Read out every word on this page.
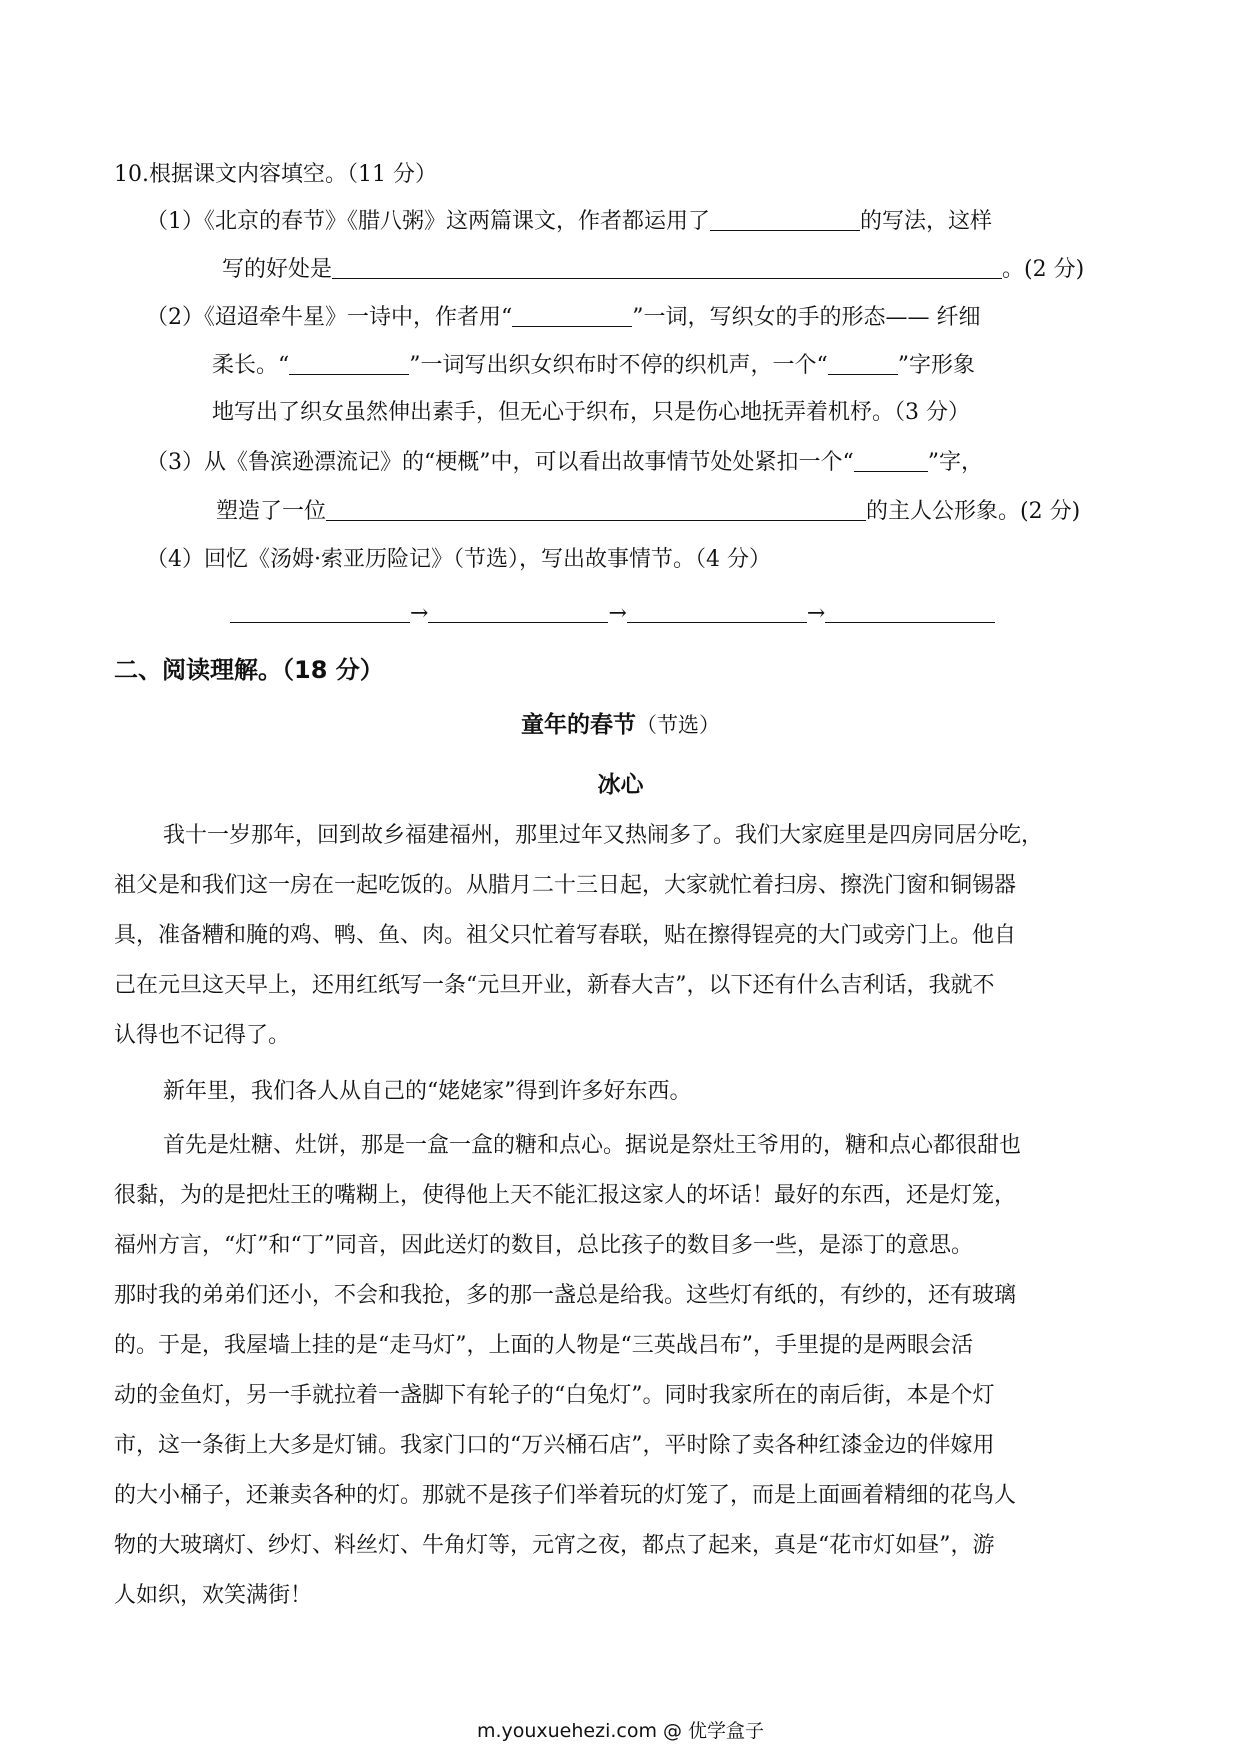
10.根据课文内容填空。（11 分）
（1）《北京的春节》《腊八粥》这两篇课文，作者都运用了	的写法，这样
写的好处是	。(2 分)
（2）《迢迢牵牛星》一诗中，作者用“	”一词，写织女的手的形态—— 纤细
柔长。“	”一词写出织女织布时不停的织机声，一个“	”字形象
地写出了织女虽然伸出素手，但无心于织布，只是伤心地抚弄着机杼。（3 分）
（3）从《鲁滨逊漂流记》的“梗概”中，可以看出故事情节处处紧扣一个“	”字，
塑造了一位	的主人公形象。(2 分)
（4）回忆《汤姆·索亚历险记》（节选），写出故事情节。（4 分）
→	→	→
二、阅读理解。（18 分）
童年的春节（节选）
冰心
我十一岁那年，回到故乡福建福州，那里过年又热闹多了。我们大家庭里是四房同居分吃，
祖父是和我们这一房在一起吃饭的。从腊月二十三日起，大家就忙着扫房、擦洗门窗和铜锡器
具，准备糟和腌的鸡、鸭、鱼、肉。祖父只忙着写春联，贴在擦得锃亮的大门或旁门上。他自
己在元旦这天早上，还用红纸写一条“元旦开业，新春大吉”，以下还有什么吉利话，我就不
认得也不记得了。
新年里，我们各人从自己的“姥姥家”得到许多好东西。
首先是灶糖、灶饼，那是一盒一盒的糖和点心。据说是祭灶王爷用的，糖和点心都很甜也
很黏，为的是把灶王的嘴糊上，使得他上天不能汇报这家人的坏话！最好的东西，还是灯笼，
福州方言，“灯”和“丁”同音，因此送灯的数目，总比孩子的数目多一些，是添丁的意思。
那时我的弟弟们还小，不会和我抢，多的那一盏总是给我。这些灯有纸的，有纱的，还有玻璃
的。于是，我屋墙上挂的是“走马灯”，上面的人物是“三英战吕布”，手里提的是两眼会活
动的金鱼灯，另一手就拉着一盏脚下有轮子的“白兔灯”。同时我家所在的南后街，本是个灯
市，这一条街上大多是灯铺。我家门口的“万兴桶石店”，平时除了卖各种红漆金边的伴嫁用
的大小桶子，还兼卖各种的灯。那就不是孩子们举着玩的灯笼了，而是上面画着精细的花鸟人
物的大玻璃灯、纱灯、料丝灯、牛角灯等，元宵之夜，都点了起来，真是“花市灯如昼”，游
人如织，欢笑满街！
m.youxuehezi.com @ 优学盒子
